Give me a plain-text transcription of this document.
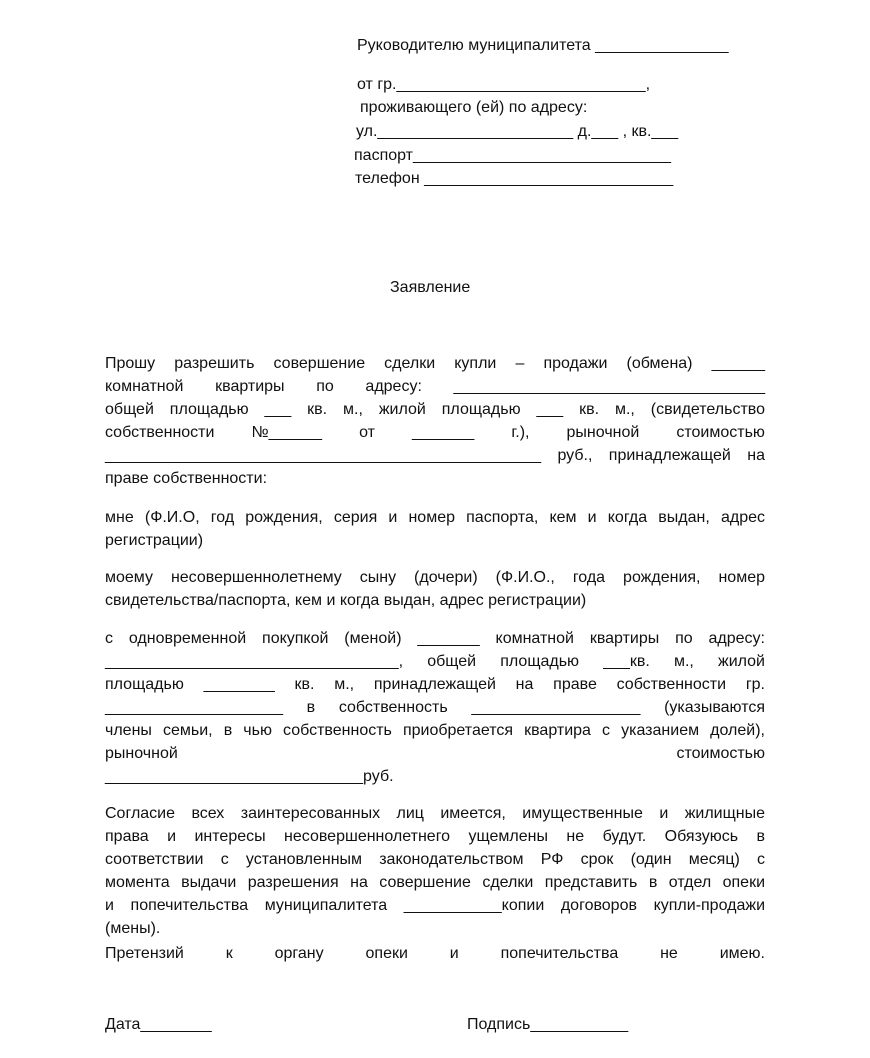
Руководителю муниципалитета _______________
от гр.____________________________,
проживающего (ей) по адресу:
ул.______________________ д.___ , кв.___
паспорт_____________________________
телефон ____________________________
Заявление
Прошу разрешить совершение сделки купли – продажи (обмена) ______
комнатной квартиры по адресу: ___________________________________
общей площадью ___ кв. м., жилой площадью ___ кв. м., (свидетельство
собственности №______ от _______ г.), рыночной стоимостью
_________________________________________________ руб., принадлежащей на
праве собственности:
мне (Ф.И.О, год рождения, серия и номер паспорта, кем и когда выдан, адрес
регистрации)
моему несовершеннолетнему сыну (дочери) (Ф.И.О., года рождения, номер
свидетельства/паспорта, кем и когда выдан, адрес регистрации)
с одновременной покупкой (меной) _______ комнатной квартиры по адресу:
_________________________________, общей площадью ___кв. м., жилой
площадью ________ кв. м., принадлежащей на праве собственности гр.
____________________ в собственность ___________________ (указываются
члены семьи, в чью собственность приобретается квартира с указанием долей),
рыночной	стоимостью
_____________________________руб.
Согласие всех заинтересованных лиц имеется, имущественные и жилищные
права и интересы несовершеннолетнего ущемлены не будут. Обязуюсь в
соответствии с установленным законодательством РФ срок (один месяц) с
момента выдачи разрешения на совершение сделки представить в отдел опеки
и попечительства муниципалитета ___________копии договоров купли-продажи
(мены).
Претензий к органу опеки и попечительства не имею.
Дата________	Подпись___________
